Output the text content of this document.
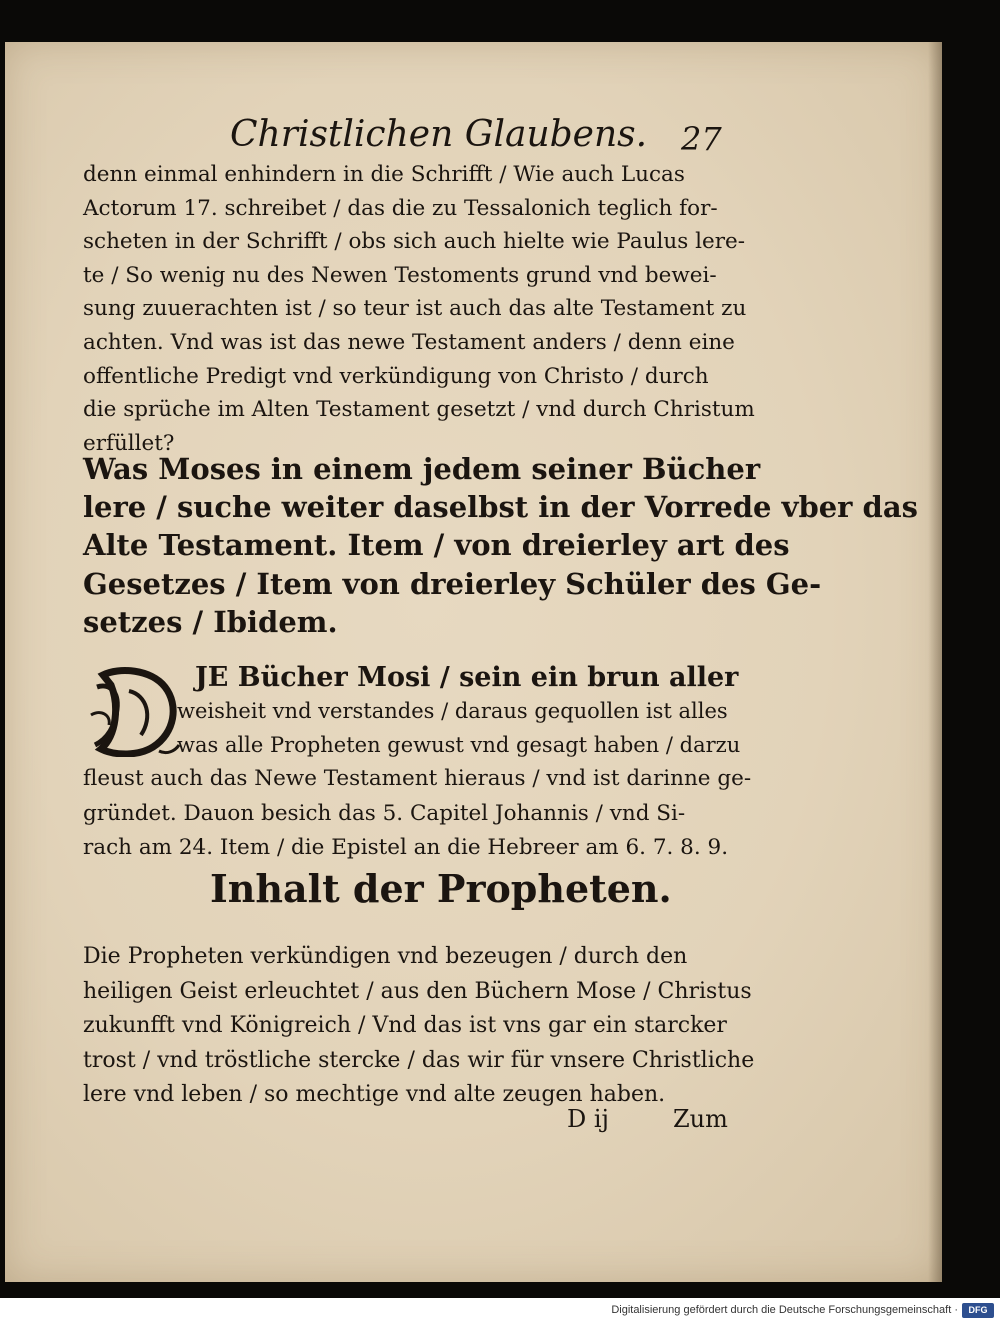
Christlichen Glaubens. 27
denn einmal enhindern in die Schrifft / Wie auch Lucas
Actorum 17. schreibet / das die zu Tessalonich teglich for-
scheten in der Schrifft / obs sich auch hielte wie Paulus lere-
te / So wenig nu des Newen Testoments grund vnd bewei-
sung zuuerachten ist / so teur ist auch das alte Testament zu
achten. Vnd was ist das newe Testament anders / denn eine
offentliche Predigt vnd verkündigung von Christo / durch
die sprüche im Alten Testament gesetzt / vnd durch Christum
erfüllet?
Was Moses in einem jedem seiner Bücher
lere / suche weiter daselbst in der Vorrede vber das
Alte Testament. Item / von dreierley art des
Gesetzes / Item von dreierley Schüler des Ge-
setzes / Ibidem.
JE Bücher Mosi / sein ein brun aller
weisheit vnd verstandes / daraus gequollen ist alles
was alle Propheten gewust vnd gesagt haben / darzu
fleust auch das Newe Testament hieraus / vnd ist darinne ge-
gründet. Dauon besich das 5. Capitel Johannis / vnd Si-
rach am 24. Item / die Epistel an die Hebreer am 6. 7. 8. 9.
Inhalt der Propheten.
Die Propheten verkündigen vnd bezeugen / durch den
heiligen Geist erleuchtet / aus den Büchern Mose / Christus
zukunfft vnd Königreich / Vnd das ist vns gar ein starcker
trost / vnd tröstliche stercke / das wir für vnsere Christliche
lere vnd leben / so mechtige vnd alte zeugen haben.
D ij	Zum
Digitalisierung gefördert durch die Deutsche Forschungsgemeinschaft ·	DFG
